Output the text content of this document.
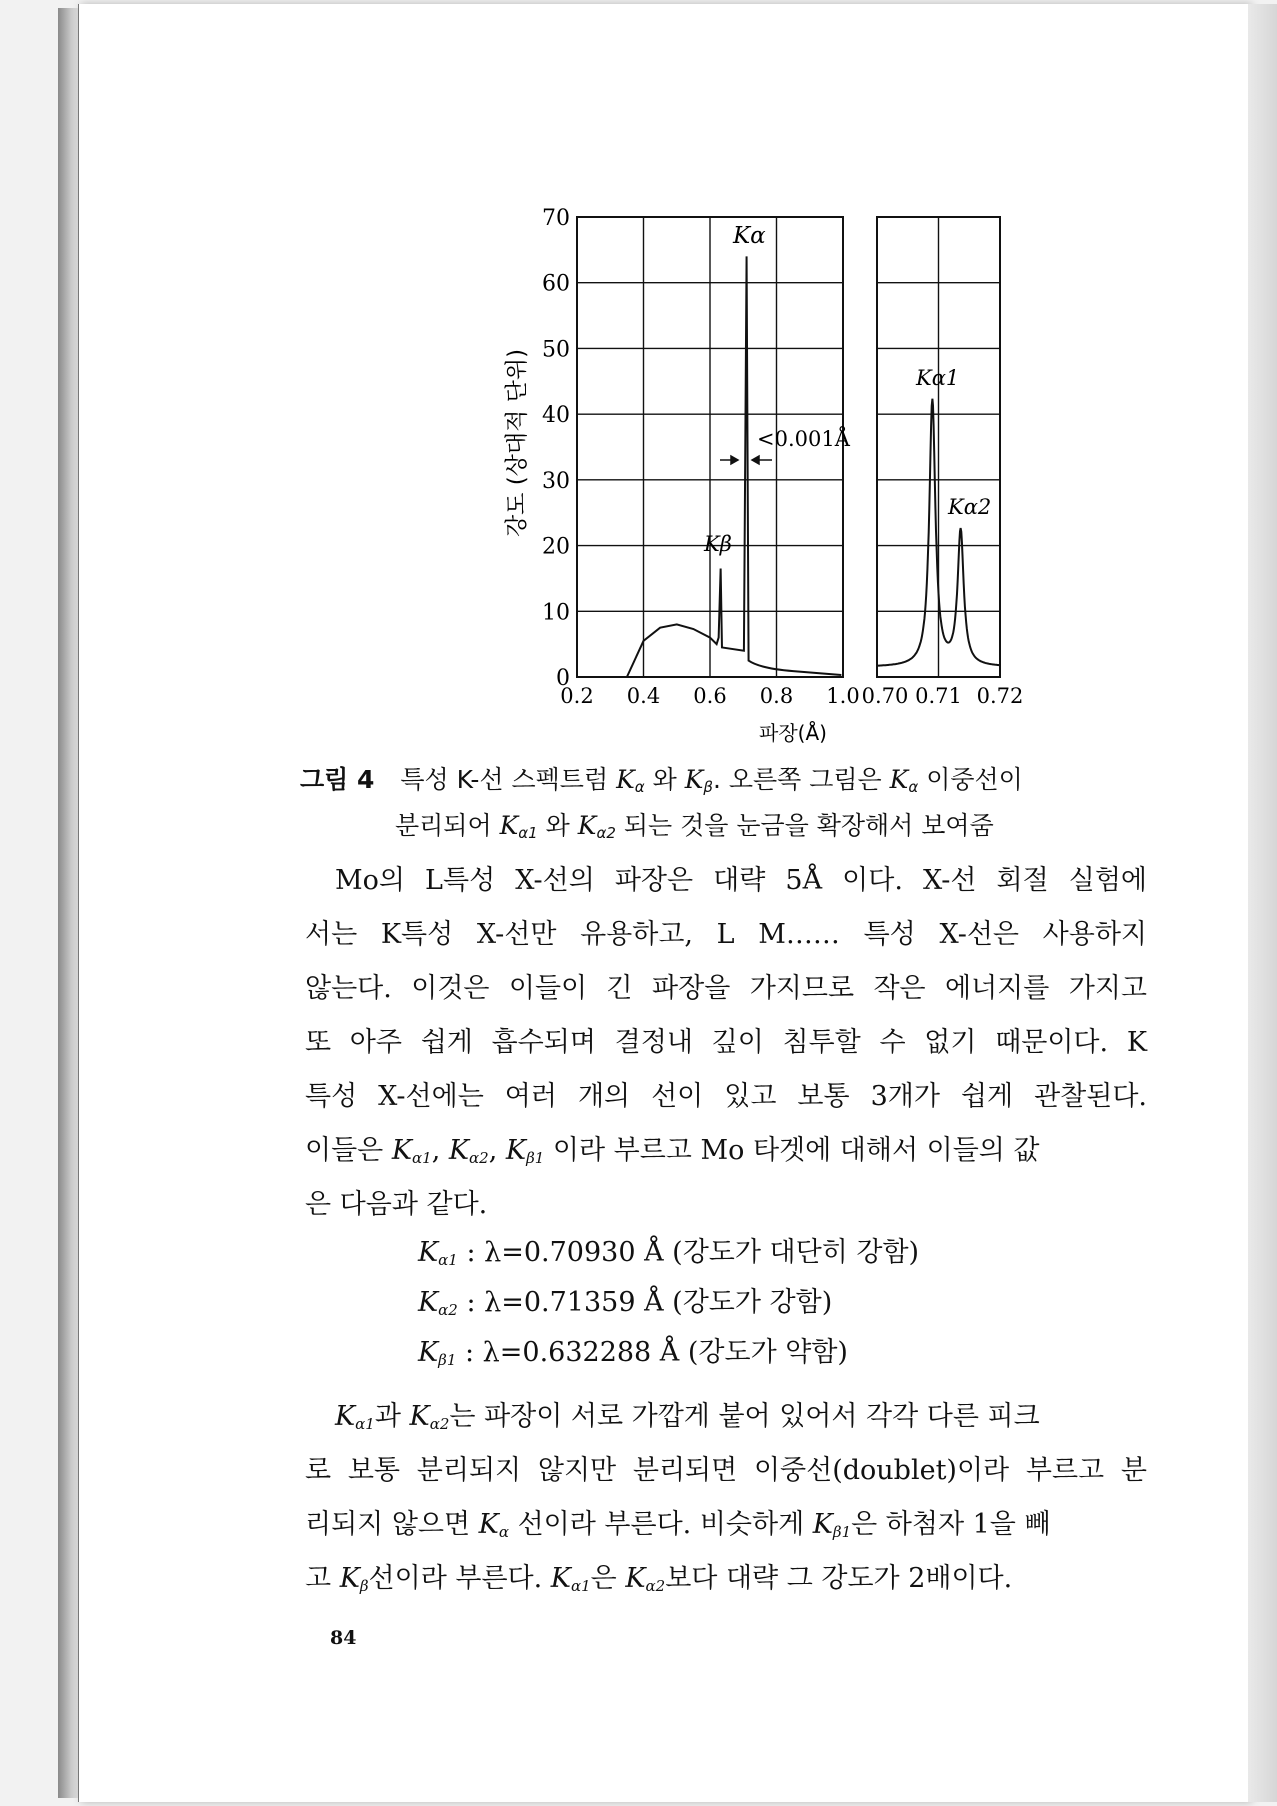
0
10
20
30
40
50
60
70
0.2 0.4 0.6 0.8 1.0 0.70 0.71 0.72
강도 (상대적 단위)
파장(Å)
Kα
Kβ
Kα1
Kα2
<0.001Å
그림 4 특성 K-선 스펙트럼 $K_\alpha$ 와 $K_\beta$. 오른쪽 그림은 $K_\alpha$ 이중선이
분리되어 $K_{\alpha 1}$ 와 $K_{\alpha 2}$ 되는 것을 눈금을 확장해서 보여줌
Mo의 L특성 X-선의 파장은 대략 5Å 이다. X-선 회절 실험에
서는 K특성 X-선만 유용하고, L M…… 특성 X-선은 사용하지
않는다. 이것은 이들이 긴 파장을 가지므로 작은 에너지를 가지고
또 아주 쉽게 흡수되며 결정내 깊이 침투할 수 없기 때문이다. K
특성 X-선에는 여러 개의 선이 있고 보통 3개가 쉽게 관찰된다.
이들은 $K_{\alpha 1}$, $K_{\alpha 2}$, $K_{\beta 1}$ 이라 부르고 Mo 타겟에 대해서 이들의 값
은 다음과 같다.
$K_{\alpha 1}$ : λ=0.70930 Å (강도가 대단히 강함)
$K_{\alpha 2}$ : λ=0.71359 Å (강도가 강함)
$K_{\beta 1}$ : λ=0.632288 Å (강도가 약함)
$K_{\alpha 1}$과 $K_{\alpha 2}$는 파장이 서로 가깝게 붙어 있어서 각각 다른 피크
로 보통 분리되지 않지만 분리되면 이중선(doublet)이라 부르고 분
리되지 않으면 $K_\alpha$ 선이라 부른다. 비슷하게 $K_{\beta 1}$은 하첨자 1을 빼
고 $K_\beta$선이라 부른다. $K_{\alpha 1}$은 $K_{\alpha 2}$보다 대략 그 강도가 2배이다.
84
